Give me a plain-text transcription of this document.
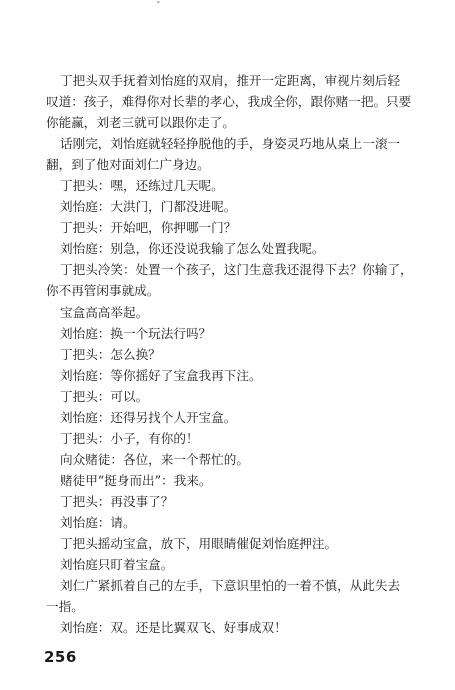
ˇ

丁把头双手抚着刘怡庭的双肩，推开一定距离，审视片刻后轻
叹道：孩子，难得你对长辈的孝心，我成全你，跟你赌一把。只要
你能赢，刘老三就可以跟你走了。

话刚完，刘怡庭就轻轻挣脱他的手，身姿灵巧地从桌上一滚一
翻，到了他对面刘仁广身边。

丁把头：嘿，还练过几天呢。

刘怡庭：大洪门，门都没进呢。

丁把头：开始吧，你押哪一门？

刘怡庭：别急，你还没说我输了怎么处置我呢。

丁把头冷笑：处置一个孩子，这门生意我还混得下去？你输了，
你不再管闲事就成。

宝盒高高举起。

刘怡庭：换一个玩法行吗？

丁把头：怎么换？

刘怡庭：等你摇好了宝盒我再下注。

丁把头：可以。

刘怡庭：还得另找个人开宝盒。

丁把头：小子，有你的！

向众赌徒：各位，来一个帮忙的。

赌徒甲“挺身而出”：我来。

丁把头：再没事了？

刘怡庭：请。

丁把头摇动宝盒，放下，用眼睛催促刘怡庭押注。

刘怡庭只盯着宝盒。

刘仁广紧抓着自己的左手，下意识里怕的一着不慎，从此失去
一指。

刘怡庭：双。还是比翼双飞、好事成双！

256
